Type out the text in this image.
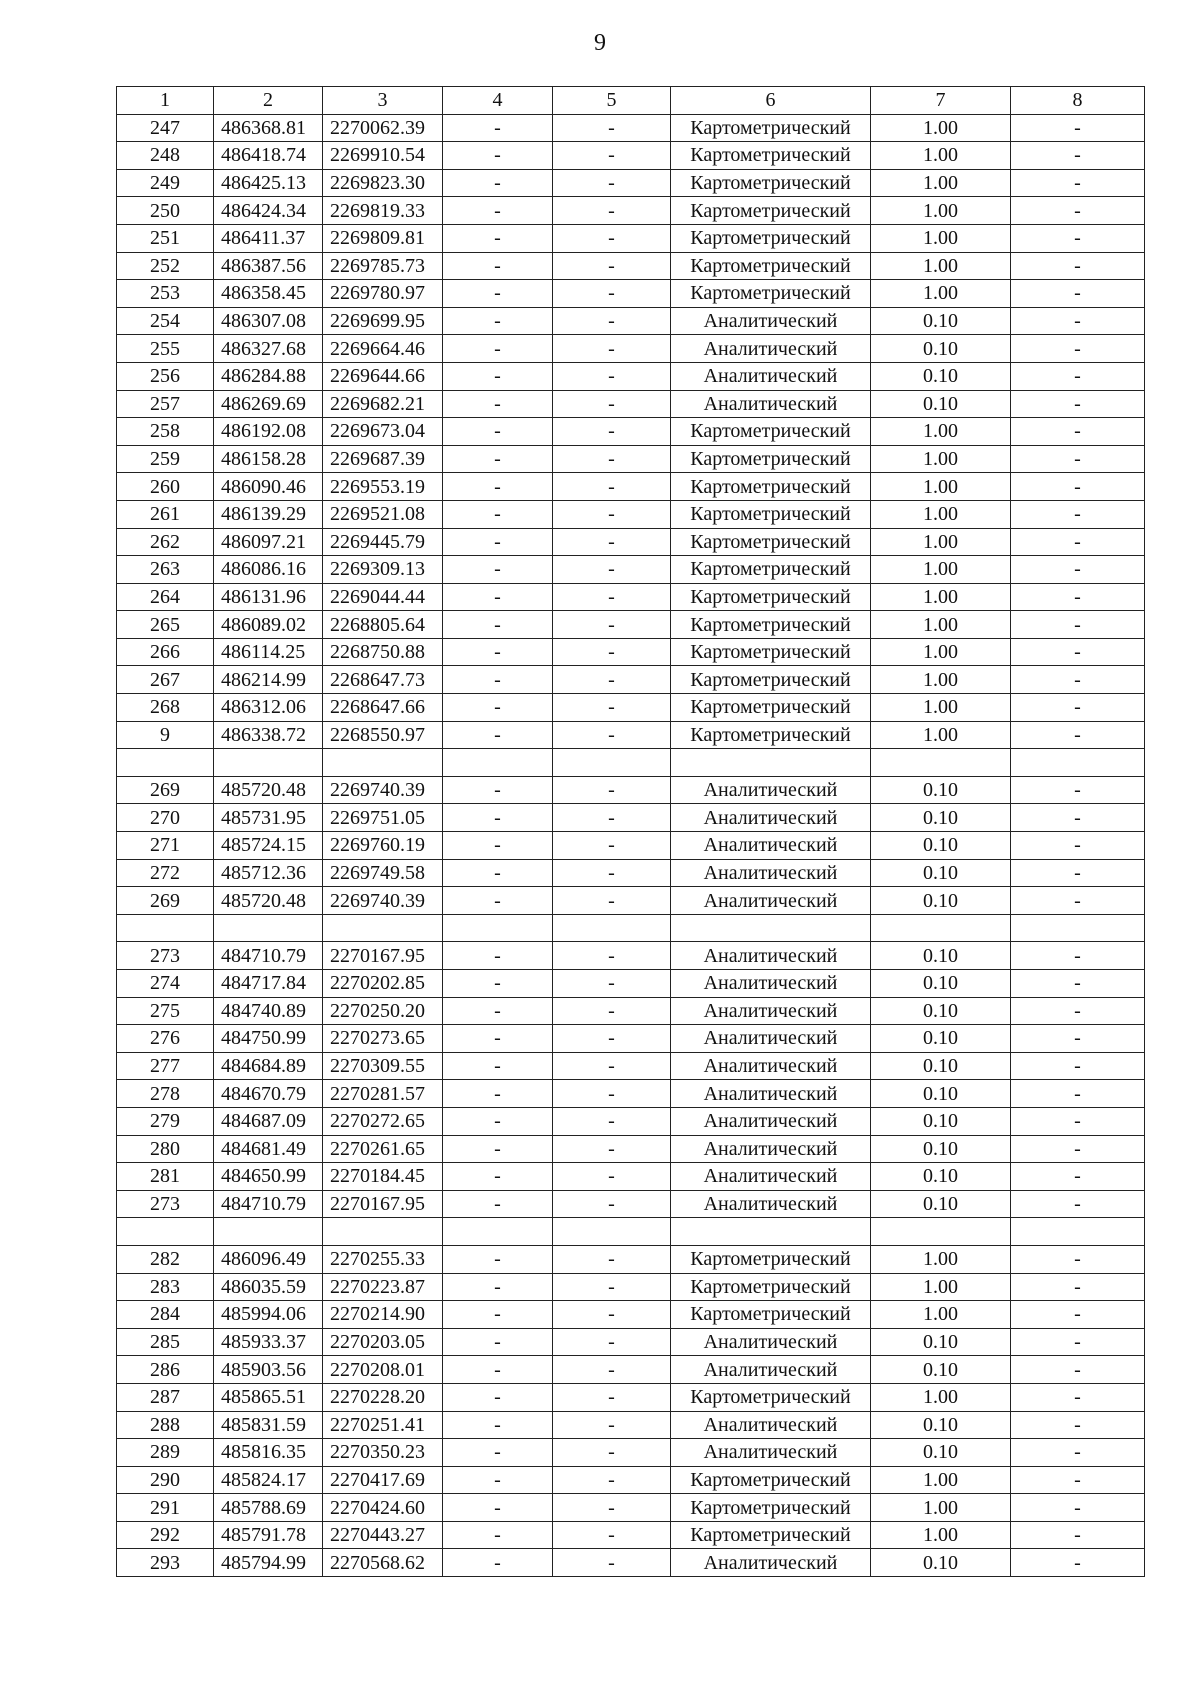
9
1	2	3	4	5	6	7	8
247	486368.81	2270062.39	-	-	Картометрический	1.00	-
248	486418.74	2269910.54	-	-	Картометрический	1.00	-
249	486425.13	2269823.30	-	-	Картометрический	1.00	-
250	486424.34	2269819.33	-	-	Картометрический	1.00	-
251	486411.37	2269809.81	-	-	Картометрический	1.00	-
252	486387.56	2269785.73	-	-	Картометрический	1.00	-
253	486358.45	2269780.97	-	-	Картометрический	1.00	-
254	486307.08	2269699.95	-	-	Аналитический	0.10	-
255	486327.68	2269664.46	-	-	Аналитический	0.10	-
256	486284.88	2269644.66	-	-	Аналитический	0.10	-
257	486269.69	2269682.21	-	-	Аналитический	0.10	-
258	486192.08	2269673.04	-	-	Картометрический	1.00	-
259	486158.28	2269687.39	-	-	Картометрический	1.00	-
260	486090.46	2269553.19	-	-	Картометрический	1.00	-
261	486139.29	2269521.08	-	-	Картометрический	1.00	-
262	486097.21	2269445.79	-	-	Картометрический	1.00	-
263	486086.16	2269309.13	-	-	Картометрический	1.00	-
264	486131.96	2269044.44	-	-	Картометрический	1.00	-
265	486089.02	2268805.64	-	-	Картометрический	1.00	-
266	486114.25	2268750.88	-	-	Картометрический	1.00	-
267	486214.99	2268647.73	-	-	Картометрический	1.00	-
268	486312.06	2268647.66	-	-	Картометрический	1.00	-
9	486338.72	2268550.97	-	-	Картометрический	1.00	-

269	485720.48	2269740.39	-	-	Аналитический	0.10	-
270	485731.95	2269751.05	-	-	Аналитический	0.10	-
271	485724.15	2269760.19	-	-	Аналитический	0.10	-
272	485712.36	2269749.58	-	-	Аналитический	0.10	-
269	485720.48	2269740.39	-	-	Аналитический	0.10	-

273	484710.79	2270167.95	-	-	Аналитический	0.10	-
274	484717.84	2270202.85	-	-	Аналитический	0.10	-
275	484740.89	2270250.20	-	-	Аналитический	0.10	-
276	484750.99	2270273.65	-	-	Аналитический	0.10	-
277	484684.89	2270309.55	-	-	Аналитический	0.10	-
278	484670.79	2270281.57	-	-	Аналитический	0.10	-
279	484687.09	2270272.65	-	-	Аналитический	0.10	-
280	484681.49	2270261.65	-	-	Аналитический	0.10	-
281	484650.99	2270184.45	-	-	Аналитический	0.10	-
273	484710.79	2270167.95	-	-	Аналитический	0.10	-

282	486096.49	2270255.33	-	-	Картометрический	1.00	-
283	486035.59	2270223.87	-	-	Картометрический	1.00	-
284	485994.06	2270214.90	-	-	Картометрический	1.00	-
285	485933.37	2270203.05	-	-	Аналитический	0.10	-
286	485903.56	2270208.01	-	-	Аналитический	0.10	-
287	485865.51	2270228.20	-	-	Картометрический	1.00	-
288	485831.59	2270251.41	-	-	Аналитический	0.10	-
289	485816.35	2270350.23	-	-	Аналитический	0.10	-
290	485824.17	2270417.69	-	-	Картометрический	1.00	-
291	485788.69	2270424.60	-	-	Картометрический	1.00	-
292	485791.78	2270443.27	-	-	Картометрический	1.00	-
293	485794.99	2270568.62	-	-	Аналитический	0.10	-
